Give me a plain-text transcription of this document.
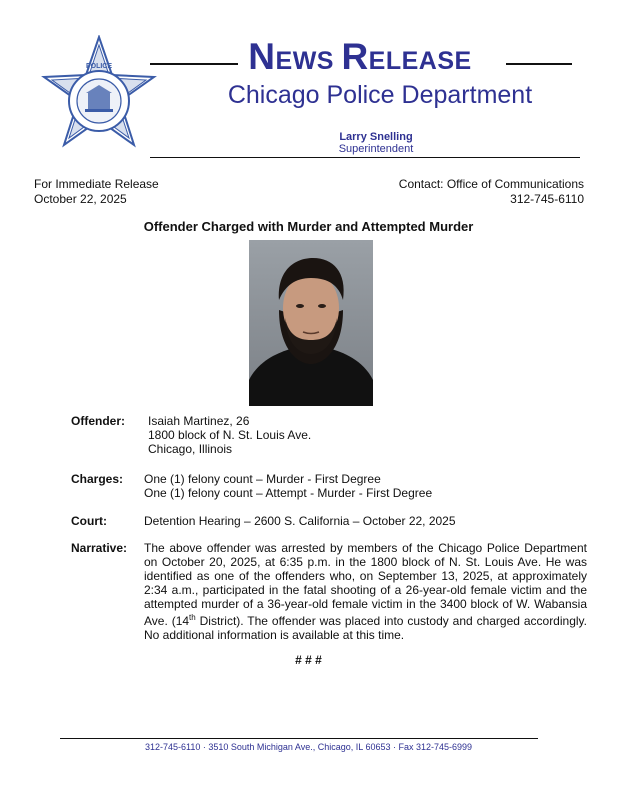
POLICE	NEWS RELEASE
Chicago Police Department
Larry Snelling
Superintendent
For Immediate Release
October 22, 2025
Contact: Office of Communications
312-745-6110
Offender Charged with Murder and Attempted Murder
Offender: Isaiah Martinez, 26
1800 block of N. St. Louis Ave.
Chicago, Illinois
Charges: One (1) felony count – Murder - First Degree
One (1) felony count – Attempt - Murder - First Degree
Court:	Detention Hearing – 2600 S. California – October 22, 2025
Narrative: The above offender was arrested by members of the Chicago Police Department on October 20, 2025, at 6:35 p.m. in the 1800 block of N. St. Louis Ave. He was identified as one of the offenders who, on September 13, 2025, at approximately 2:34 a.m., participated in the fatal shooting of a 26-year-old female victim and the attempted murder of a 36-year-old female victim in the 3400 block of W. Wabansia Ave. (14th District). The offender was placed into custody and charged accordingly. No additional information is available at this time.
# # #
312-745-6110 · 3510 South Michigan Ave., Chicago, IL 60653 · Fax 312-745-6999
